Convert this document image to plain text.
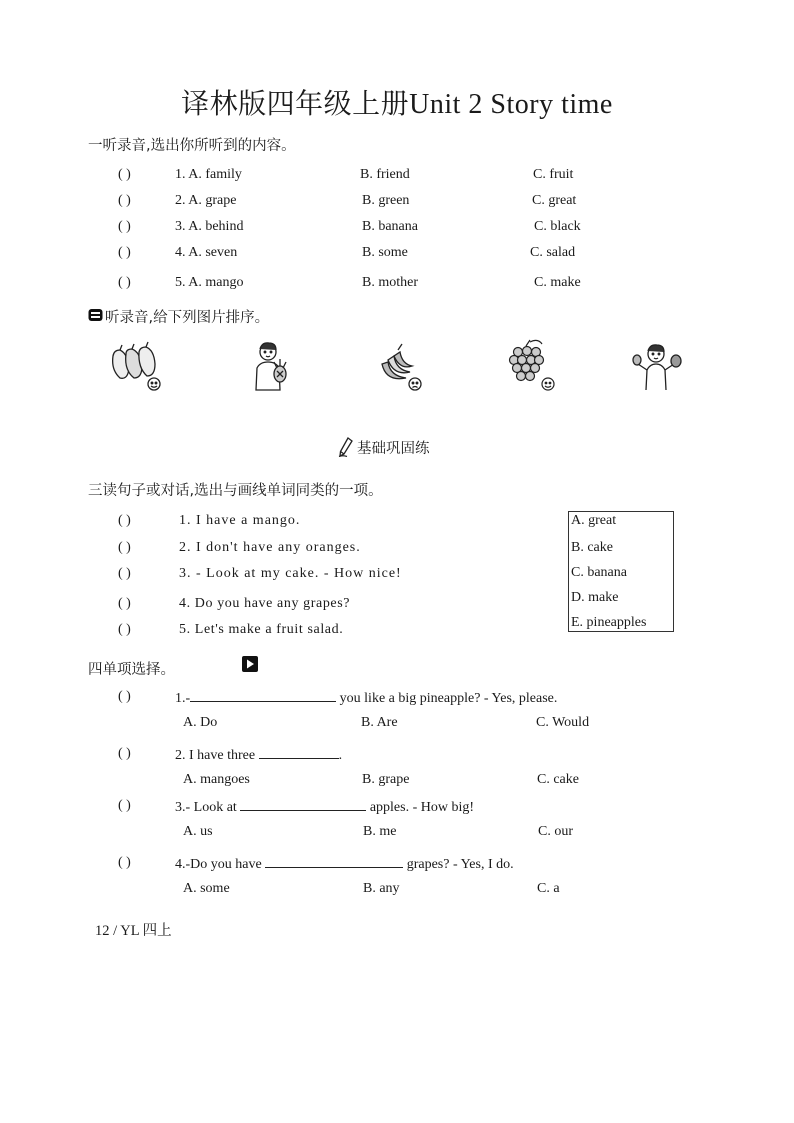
译林版四年级上册Unit 2 Story time
一听录音,选出你所听到的内容。
( )	1. A. family	B. friend	C. fruit
( )	2. A. grape	B. green	C. great
( )	3. A. behind	B. banana	C. black
( )	4. A. seven	B. some	C. salad
( )	5. A. mango	B. mother	C. make
听录音,给下列图片排序。
基础巩固练
三读句子或对话,选出与画线单词同类的一项。
( )	1. I have a mango.
( )	2. I don't have any oranges.
( )	3. - Look at my cake. - How nice!
( )	4. Do you have any grapes?
( )	5. Let's make a fruit salad.
A. great
B. cake
C. banana
D. make
E. pineapples
四单项选择。
( )	1.-	you like a big pineapple? - Yes, please.
A. Do	B. Are	C. Would
( )	2. I have three	.
A. mangoes	B. grape	C. cake
( )	3.- Look at	apples. - How big!
A. us	B. me	C. our
( )	4.-Do you have	grapes? - Yes, I do.
A. some	B. any	C. a
12 / YL 四上
